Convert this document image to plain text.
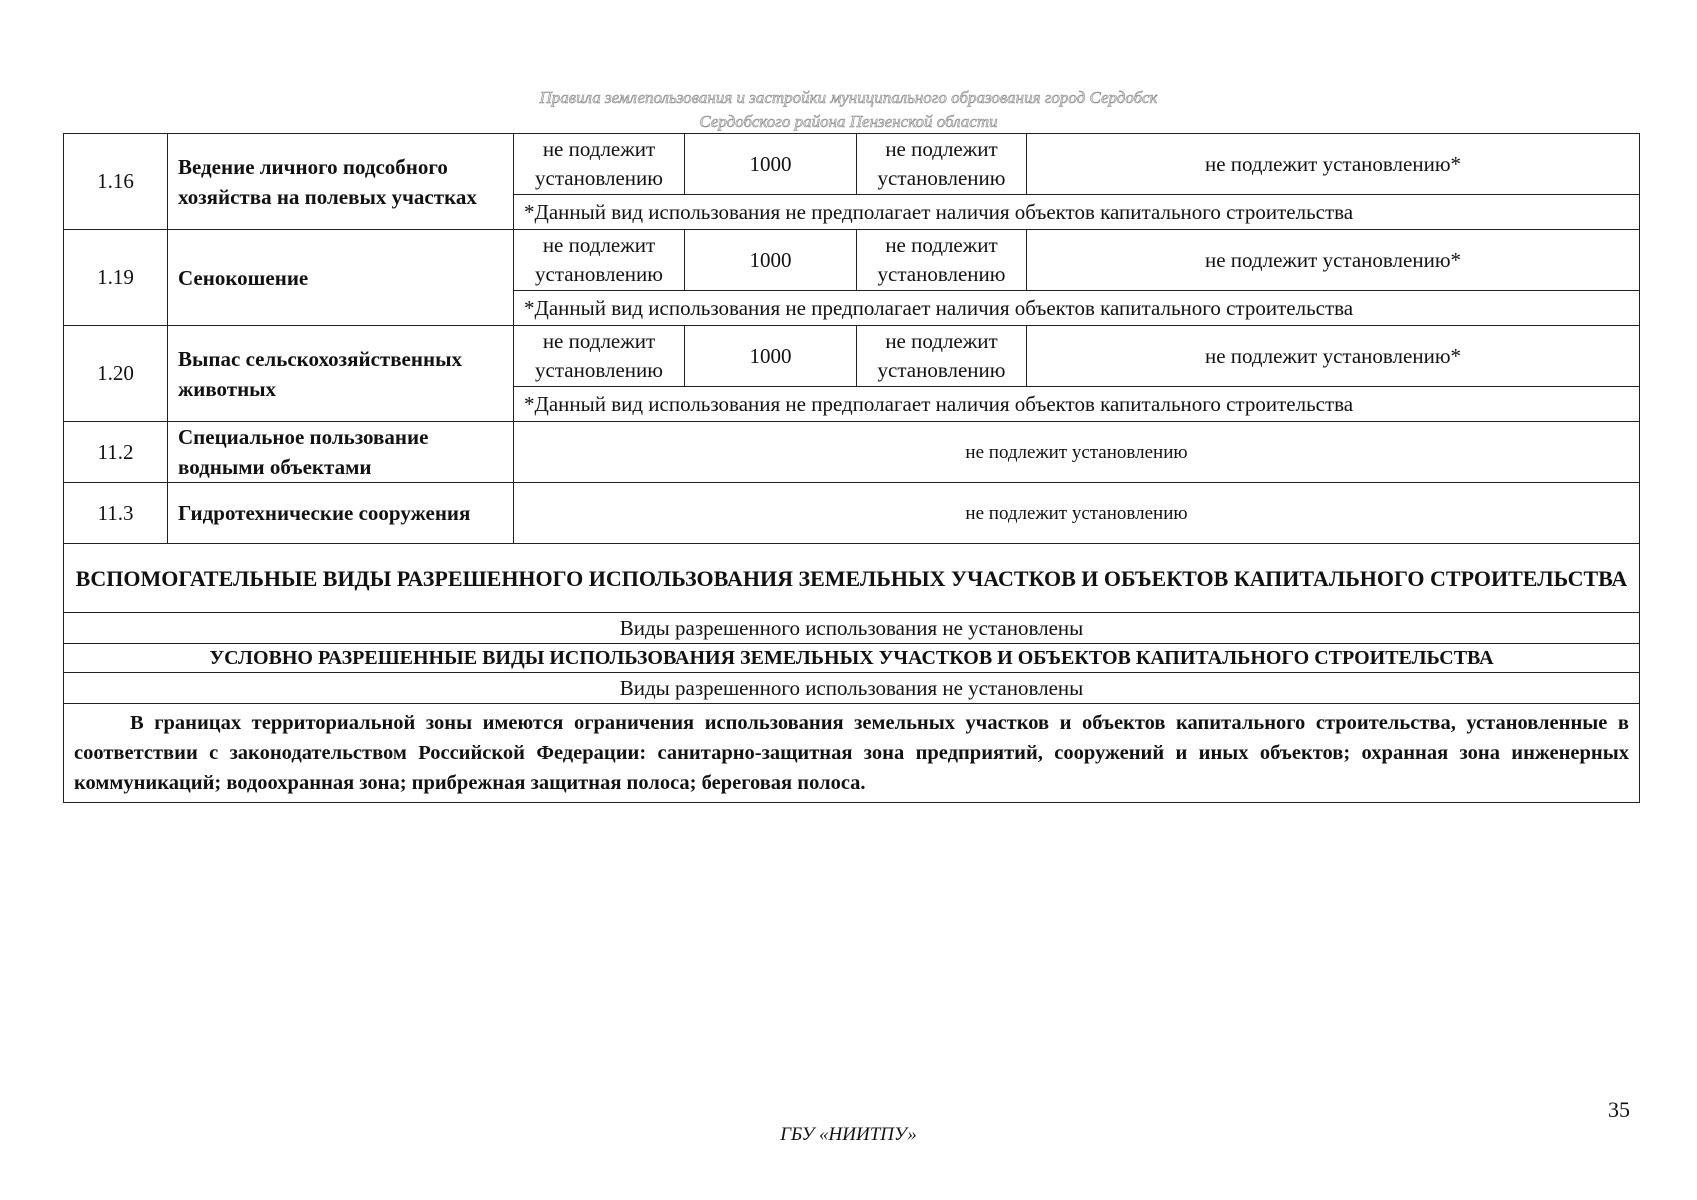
Правила землепользования и застройки муниципального образования город Сердобск
Сердобского района Пензенской области
1.16	Ведение личного подсобного хозяйства на полевых участках	не подлежит установлению	1000	не подлежит установлению	не подлежит установлению*
		*Данный вид использования не предполагает наличия объектов капитального строительства			
1.19	Сенокошение	не подлежит установлению	1000	не подлежит установлению	не подлежит установлению*
		*Данный вид использования не предполагает наличия объектов капитального строительства			
1.20	Выпас сельскохозяйственных животных	не подлежит установлению	1000	не подлежит установлению	не подлежит установлению*
		*Данный вид использования не предполагает наличия объектов капитального строительства			
11.2	Специальное пользование водными объектами	не подлежит установлению			
11.3	Гидротехнические сооружения	не подлежит установлению			
ВСПОМОГАТЕЛЬНЫЕ ВИДЫ РАЗРЕШЕННОГО ИСПОЛЬЗОВАНИЯ ЗЕМЕЛЬНЫХ УЧАСТКОВ И ОБЪЕКТОВ КАПИТАЛЬНОГО СТРОИТЕЛЬСТВА					
Виды разрешенного использования не установлены					
УСЛОВНО РАЗРЕШЕННЫЕ ВИДЫ ИСПОЛЬЗОВАНИЯ ЗЕМЕЛЬНЫХ УЧАСТКОВ И ОБЪЕКТОВ КАПИТАЛЬНОГО СТРОИТЕЛЬСТВА					
Виды разрешенного использования не установлены					
В границах территориальной зоны имеются ограничения использования земельных участков и объектов капитального строительства, установленные в соответствии с законодательством Российской Федерации: санитарно-защитная зона предприятий, сооружений и иных объектов; охранная зона инженерных коммуникаций; водоохранная зона; прибрежная защитная полоса; береговая полоса.					
35
ГБУ «НИИТПУ»
